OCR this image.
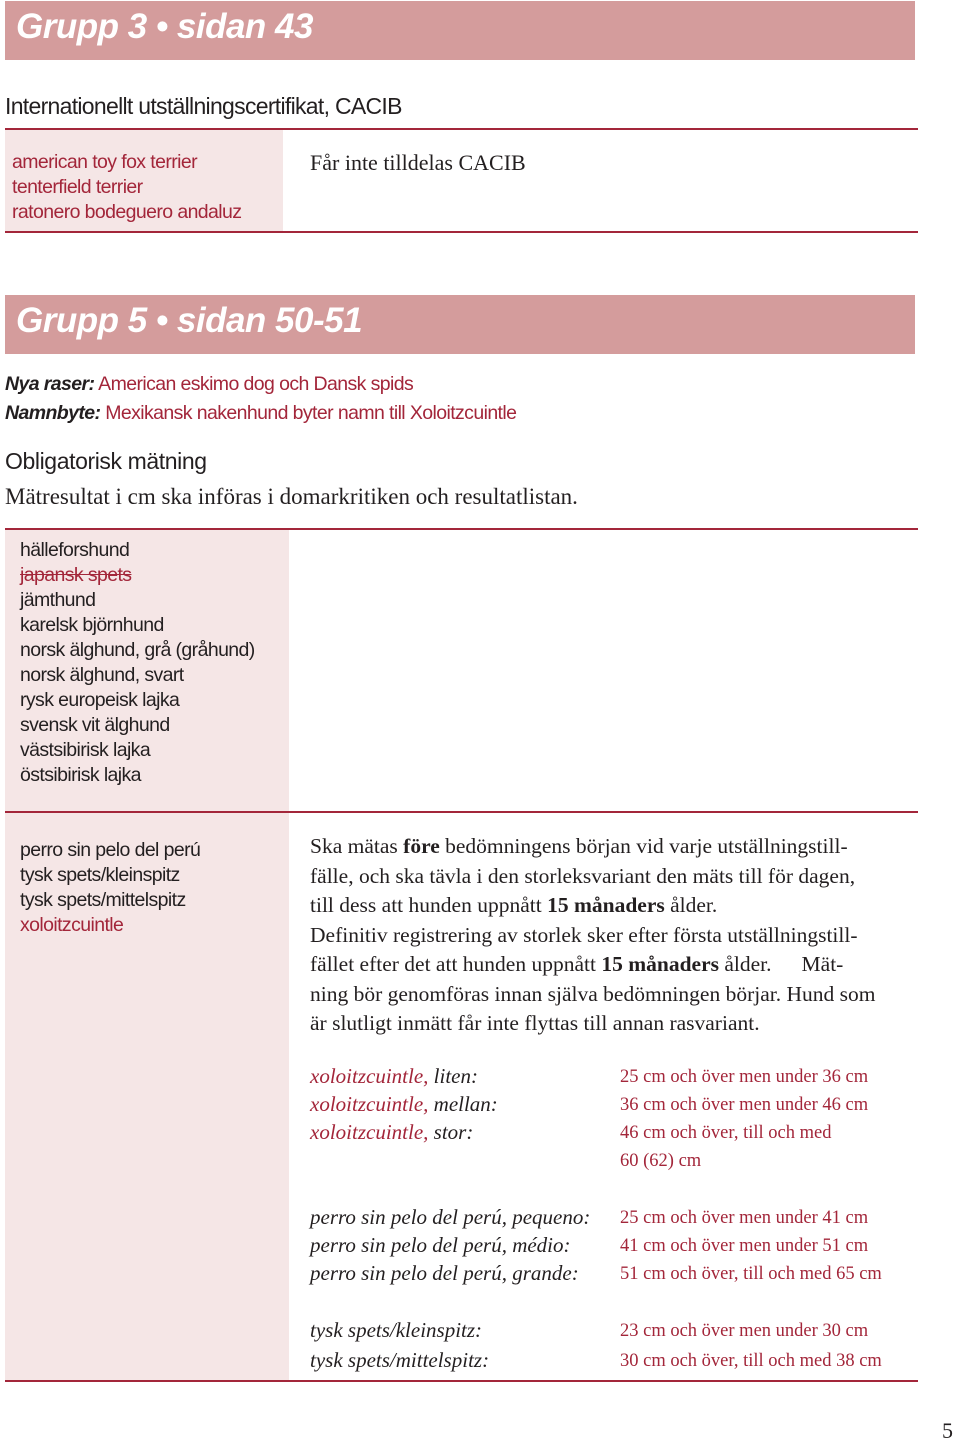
Grupp 3 • sidan 43
Internationellt utställningscertifikat, CACIB
american toy fox terrier
tenterfield terrier
ratonero bodeguero andaluz
Får inte tilldelas CACIB
Grupp 5 • sidan 50-51
Nya raser: American eskimo dog och Dansk spids
Namnbyte: Mexikansk nakenhund byter namn till Xoloitzcuintle
Obligatorisk mätning
Mätresultat i cm ska införas i domarkritiken och resultatlistan.
hälleforshund
japansk spets
jämthund
karelsk björnhund
norsk älghund, grå (gråhund)
norsk älghund, svart
rysk europeisk lajka
svensk vit älghund
västsibirisk lajka
östsibirisk lajka
perro sin pelo del perú
tysk spets/kleinspitz
tysk spets/mittelspitz
xoloitzcuintle
Ska mätas före bedömningens början vid varje utställningstill-
fälle, och ska tävla i den storleksvariant den mäts till för dagen,
till dess att hunden uppnått 15 månaders ålder.
Definitiv registrering av storlek sker efter första utställningstill-
fället efter det att hunden uppnått 15 månaders ålder. Mät-
ning bör genomföras innan själva bedömningen börjar. Hund som
är slutligt inmätt får inte flyttas till annan rasvariant.
xoloitzcuintle, liten:	25 cm och över men under 36 cm
xoloitzcuintle, mellan:	36 cm och över men under 46 cm
xoloitzcuintle, stor:	46 cm och över, till och med
60 (62) cm
perro sin pelo del perú, pequeno: 25 cm och över men under 41 cm
perro sin pelo del perú, médio:	41 cm och över men under 51 cm
perro sin pelo del perú, grande: 51 cm och över, till och med 65 cm
tysk spets/kleinspitz:	23 cm och över men under 30 cm
tysk spets/mittelspitz:	30 cm och över, till och med 38 cm
5
